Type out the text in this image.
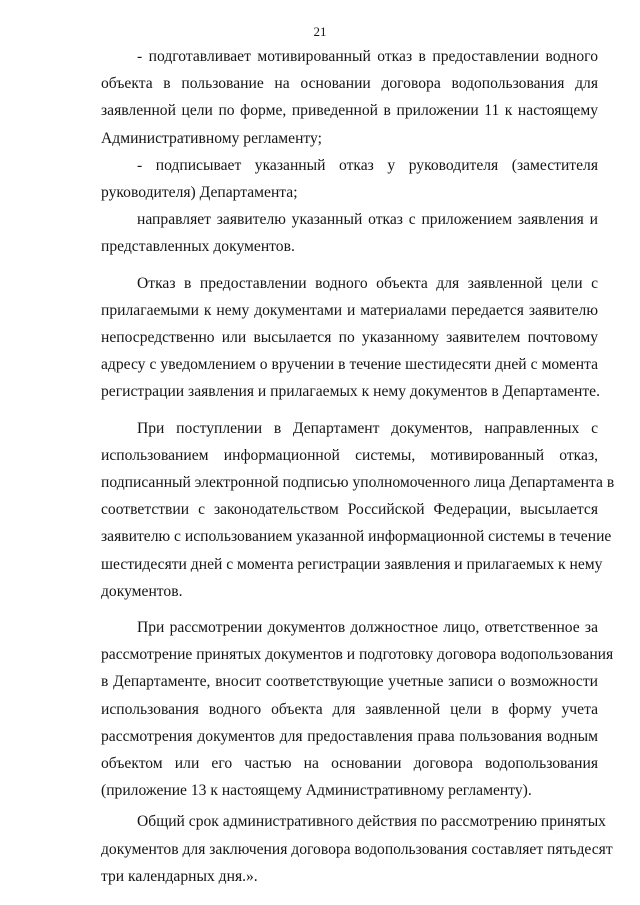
21

- подготавливает мотивированный отказ в предоставлении водного
объекта в пользование на основании договора водопользования для
заявленной цели по форме, приведенной в приложении 11 к настоящему
Административному регламенту;

- подписывает указанный отказ у руководителя (заместителя
руководителя) Департамента;

направляет заявителю указанный отказ с приложением заявления и
представленных документов.

Отказ в предоставлении водного объекта для заявленной цели с
прилагаемыми к нему документами и материалами передается заявителю
непосредственно или высылается по указанному заявителем почтовому
адресу с уведомлением о вручении в течение шестидесяти дней с момента
регистрации заявления и прилагаемых к нему документов в Департаменте.

При поступлении в Департамент документов, направленных с
использованием информационной системы, мотивированный отказ,
подписанный электронной подписью уполномоченного лица Департамента в
соответствии с законодательством Российской Федерации, высылается
заявителю с использованием указанной информационной системы в течение
шестидесяти дней с момента регистрации заявления и прилагаемых к нему
документов.

При рассмотрении документов должностное лицо, ответственное за
рассмотрение принятых документов и подготовку договора водопользования
в Департаменте, вносит соответствующие учетные записи о возможности
использования водного объекта для заявленной цели в форму учета
рассмотрения документов для предоставления права пользования водным
объектом или его частью на основании договора водопользования
(приложение 13 к настоящему Административному регламенту).

Общий срок административного действия по рассмотрению принятых
документов для заключения договора водопользования составляет пятьдесят
три календарных дня.».
